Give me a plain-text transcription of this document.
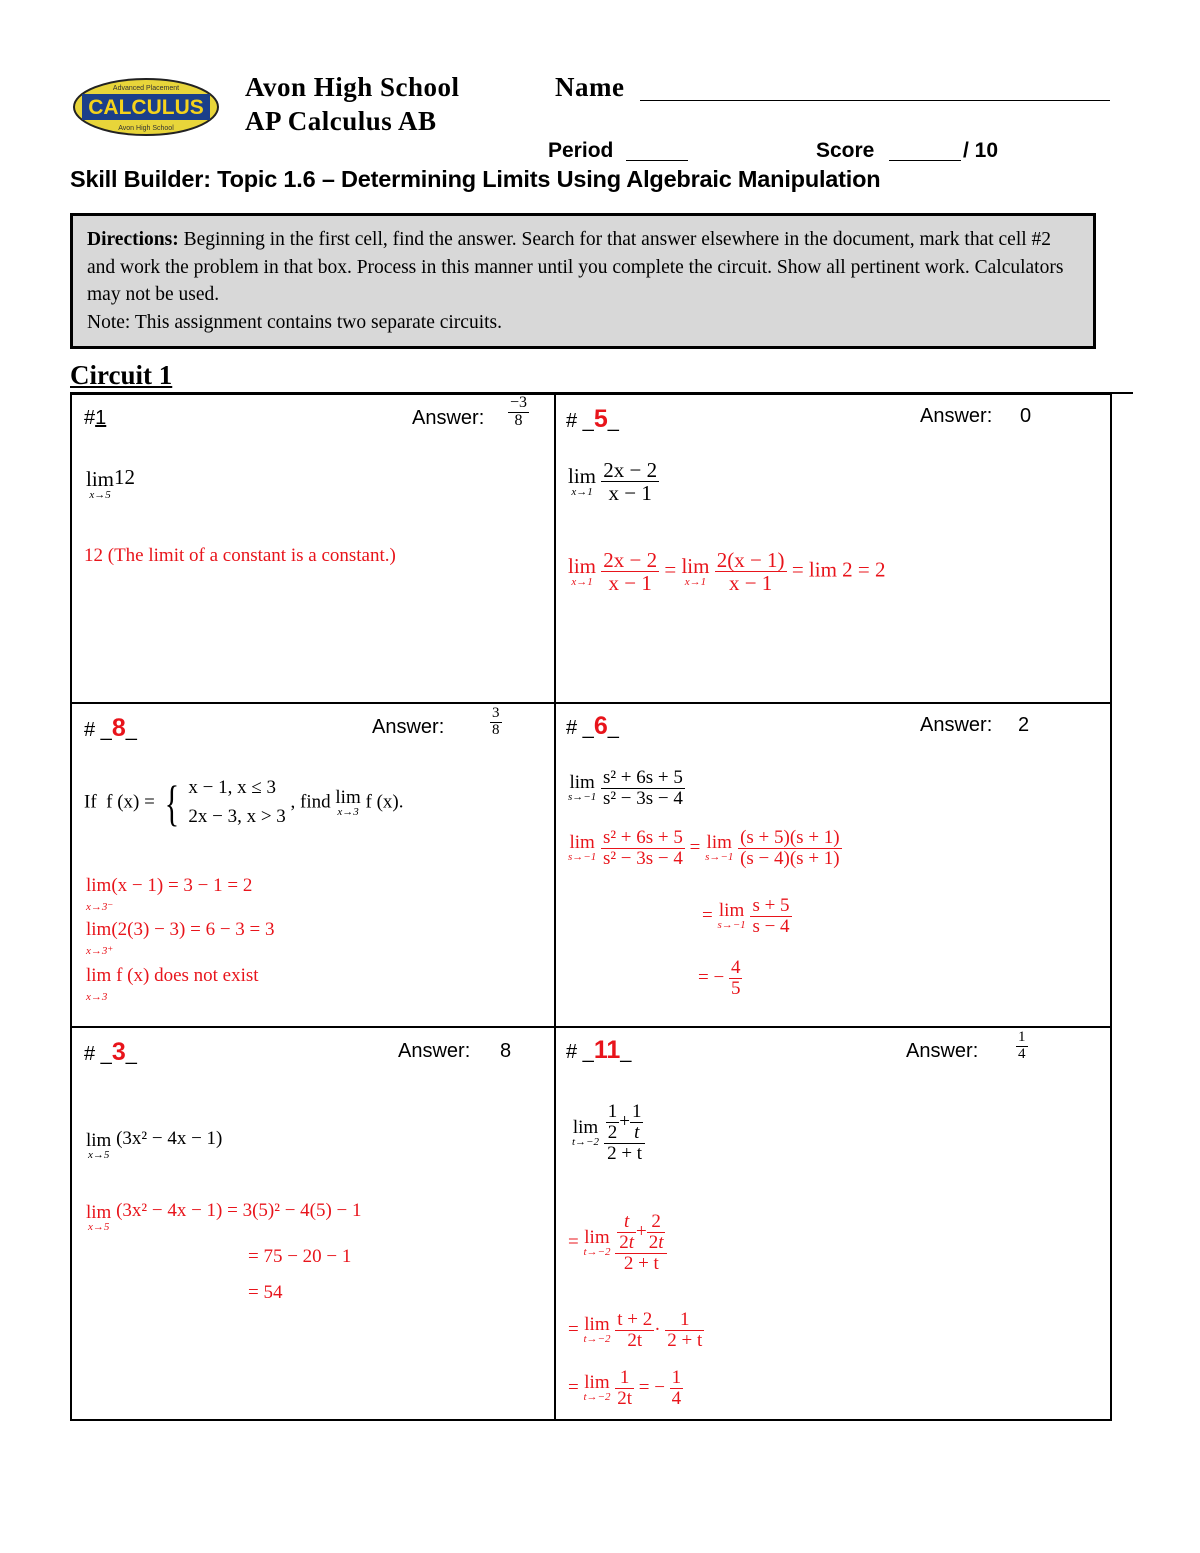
Advanced Placement
CALCULUS
Avon High School
Avon High School
AP Calculus AB
Name
Period	Score	/ 10
Skill Builder: Topic 1.6 – Determining Limits Using Algebraic Manipulation
Directions: Beginning in the first cell, find the answer. Search for that answer elsewhere in the document, mark that cell #2 and work the problem in that box. Process in this manner until you complete the circuit. Show all pertinent work. Calculators may not be used.
Note: This assignment contains two separate circuits.
Circuit 1
#1	Answer: $\frac{-3}{8}$
lim
x→5
12
12 (The limit of a constant is a constant.)
# _5_	Answer: 0
lim
x→1
$\frac{2x - 2}{x - 1}$
lim
x→1
$\frac{2x - 2}{x - 1} = \lim$
x→1
$\frac{2(x - 1)}{x - 1} = \lim 2 = 2$
# _8_	Answer:	$\frac{3}{8}$
If f (x) = { x − 1, x ≤ 3
2x − 3, x > 3
, find lim
x→3 f (x).
lim(x − 1) = 3 − 1 = 2
x→3⁻
lim(2(3) − 3) = 6 − 3 = 3
x→3⁺
lim f (x) does not exist
x→3
# _6_	Answer: 2
lim
s→−1
$\frac{\text{s² + 6s + 5}}{\text{s² − 3s − 4}}$
lim
s→−1
$\frac{\text{s² + 6s + 5}}{\text{s² − 3s − 4}} = \lim$
s→−1
$\frac{(s + 5)(s + 1)}{(s - 4)(s + 1)}$
= lim
s→−1
$\frac{s + 5}{s - 4}$
= − $\frac{4}{5}$
# _3_	Answer: 8
lim
x→5
(3x² − 4x − 1)
lim
x→5
(3x² − 4x − 1) = 3(5)² − 4(5) − 1
= 75 − 20 − 1
= 54
# _11_	Answer:	$\frac{1}{4}$
lim
t→−2
$\frac{\frac{1}{2} + \frac{1}{t}}{2 + t}$
= lim
t→−2
$\frac{\frac{t}{2t} + \frac{2}{2t}}{2 + t}$
= lim
t→−2
$\frac{t + 2}{2t} \cdot \frac{1}{2 + t}$
= lim
t→−2
$\frac{1}{2t}$ = − $\frac{1}{4}$
